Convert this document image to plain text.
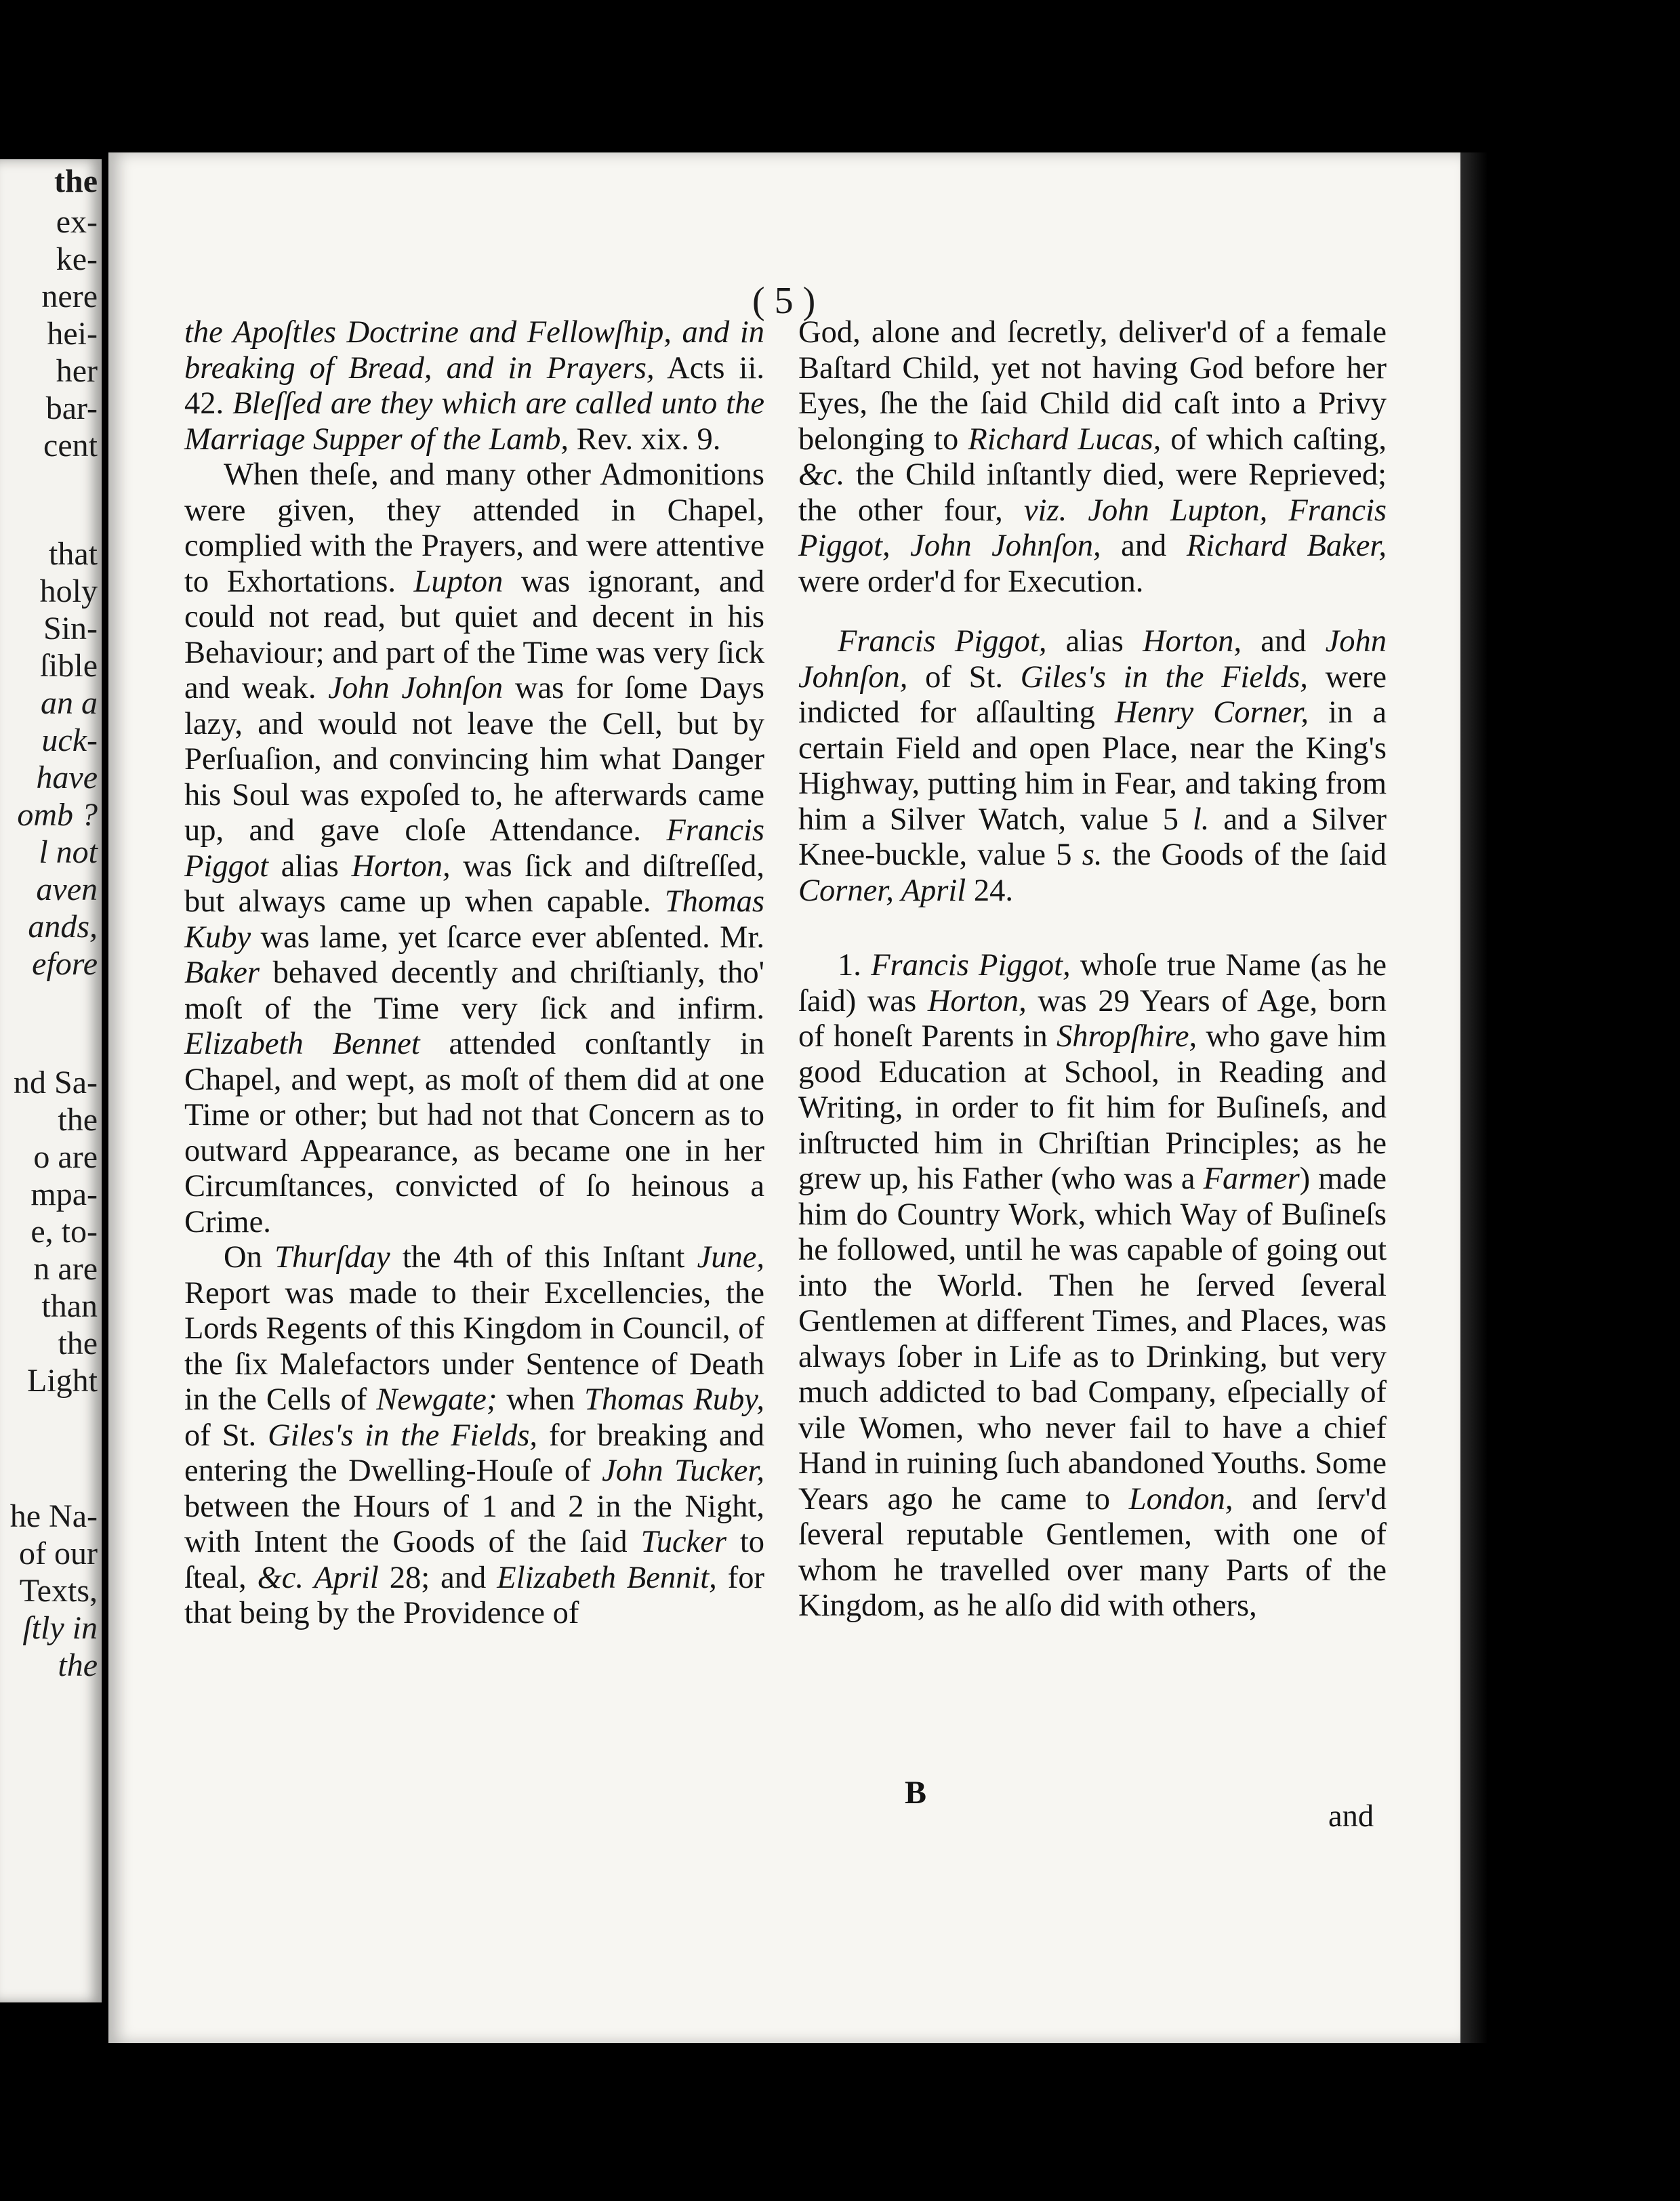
the
ex-
ke-
nere
hei-
her
bar-
cent
that
holy
Sin-
ſible
an a
uck-
have
omb ?
l not
aven
ands,
efore
nd Sa-
the
o are
mpa-
e, to-
n are
than
the
Light
he Na-
of our
Texts,
ſtly in
the
( 5 )

the Apoſtles Doctrine and Fellowſhip, and in breaking of Bread, and in Prayers, Acts ii. 42. Bleſſed are they which are called unto the Marriage Supper of the Lamb, Rev. xix. 9.

When theſe, and many other Admonitions were given, they attended in Chapel, complied with the Prayers, and were attentive to Exhortations. Lupton was ignorant, and could not read, but quiet and decent in his Behaviour; and part of the Time was very ſick and weak. John Johnſon was for ſome Days lazy, and would not leave the Cell, but by Perſuaſion, and convincing him what Danger his Soul was expoſed to, he afterwards came up, and gave cloſe Attendance. Francis Piggot alias Horton, was ſick and diſtreſſed, but always came up when capable. Thomas Kuby was lame, yet ſcarce ever abſented. Mr. Baker behaved decently and chriſtianly, tho' moſt of the Time very ſick and infirm. Elizabeth Bennet attended conſtantly in Chapel, and wept, as moſt of them did at one Time or other; but had not that Concern as to outward Appearance, as became one in her Circumſtances, convicted of ſo heinous a Crime.

On Thurſday the 4th of this Inſtant June, Report was made to their Excellencies, the Lords Regents of this Kingdom in Council, of the ſix Malefactors under Sentence of Death in the Cells of Newgate; when Thomas Ruby, of St. Giles's in the Fields, for breaking and entering the Dwelling-Houſe of John Tucker, between the Hours of 1 and 2 in the Night, with Intent the Goods of the ſaid Tucker to ſteal, &c. April 28; and Elizabeth Bennit, for that being by the Providence of

God, alone and ſecretly, deliver'd of a female Baſtard Child, yet not having God before her Eyes, ſhe the ſaid Child did caſt into a Privy belonging to Richard Lucas, of which caſting, &c. the Child inſtantly died, were Reprieved; the other four, viz. John Lupton, Francis Piggot, John Johnſon, and Richard Baker, were order'd for Execution.

Francis Piggot, alias Horton, and John Johnſon, of St. Giles's in the Fields, were indicted for aſſaulting Henry Corner, in a certain Field and open Place, near the King's Highway, putting him in Fear, and taking from him a Silver Watch, value 5 l. and a Silver Knee-buckle, value 5 s. the Goods of the ſaid Corner, April 24.

1. Francis Piggot, whoſe true Name (as he ſaid) was Horton, was 29 Years of Age, born of honeſt Parents in Shropſhire, who gave him good Education at School, in Reading and Writing, in order to fit him for Buſineſs, and inſtructed him in Chriſtian Principles; as he grew up, his Father (who was a Farmer) made him do Country Work, which Way of Buſineſs he followed, until he was capable of going out into the World. Then he ſerved ſeveral Gentlemen at different Times, and Places, was always ſober in Life as to Drinking, but very much addicted to bad Company, eſpecially of vile Women, who never fail to have a chief Hand in ruining ſuch abandoned Youths. Some Years ago he came to London, and ſerv'd ſeveral reputable Gentlemen, with one of whom he travelled over many Parts of the Kingdom, as he alſo did with others,

B
and
